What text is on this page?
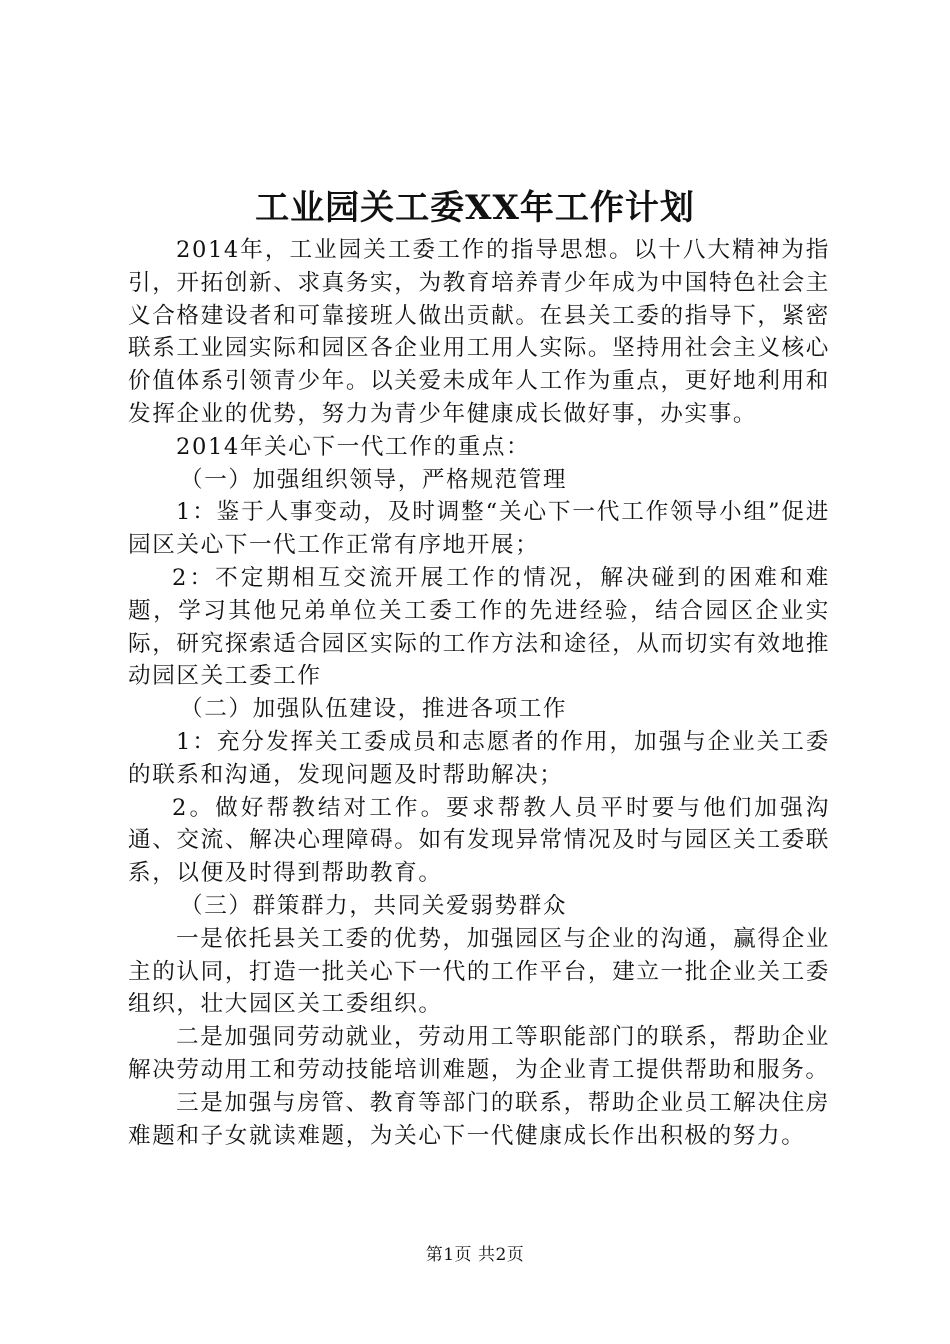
工业园关工委XX年工作计划

2014年，工业园关工委工作的指导思想。以十八大精神为指引，开拓创新、求真务实，为教育培养青少年成为中国特色社会主义合格建设者和可靠接班人做出贡献。在县关工委的指导下，紧密联系工业园实际和园区各企业用工用人实际。坚持用社会主义核心价值体系引领青少年。以关爱未成年人工作为重点，更好地利用和发挥企业的优势，努力为青少年健康成长做好事，办实事。

2014年关心下一代工作的重点：

（一）加强组织领导，严格规范管理

1：鉴于人事变动，及时调整“关心下一代工作领导小组”促进园区关心下一代工作正常有序地开展；

2：不定期相互交流开展工作的情况，解决碰到的困难和难题，学习其他兄弟单位关工委工作的先进经验，结合园区企业实际，研究探索适合园区实际的工作方法和途径，从而切实有效地推动园区关工委工作

（二）加强队伍建设，推进各项工作

1：充分发挥关工委成员和志愿者的作用，加强与企业关工委的联系和沟通，发现问题及时帮助解决；

2。做好帮教结对工作。要求帮教人员平时要与他们加强沟通、交流、解决心理障碍。如有发现异常情况及时与园区关工委联系，以便及时得到帮助教育。

（三）群策群力，共同关爱弱势群众

一是依托县关工委的优势，加强园区与企业的沟通，赢得企业主的认同，打造一批关心下一代的工作平台，建立一批企业关工委组织，壮大园区关工委组织。

二是加强同劳动就业，劳动用工等职能部门的联系，帮助企业解决劳动用工和劳动技能培训难题，为企业青工提供帮助和服务。

三是加强与房管、教育等部门的联系，帮助企业员工解决住房难题和子女就读难题，为关心下一代健康成长作出积极的努力。

第1页 共2页
